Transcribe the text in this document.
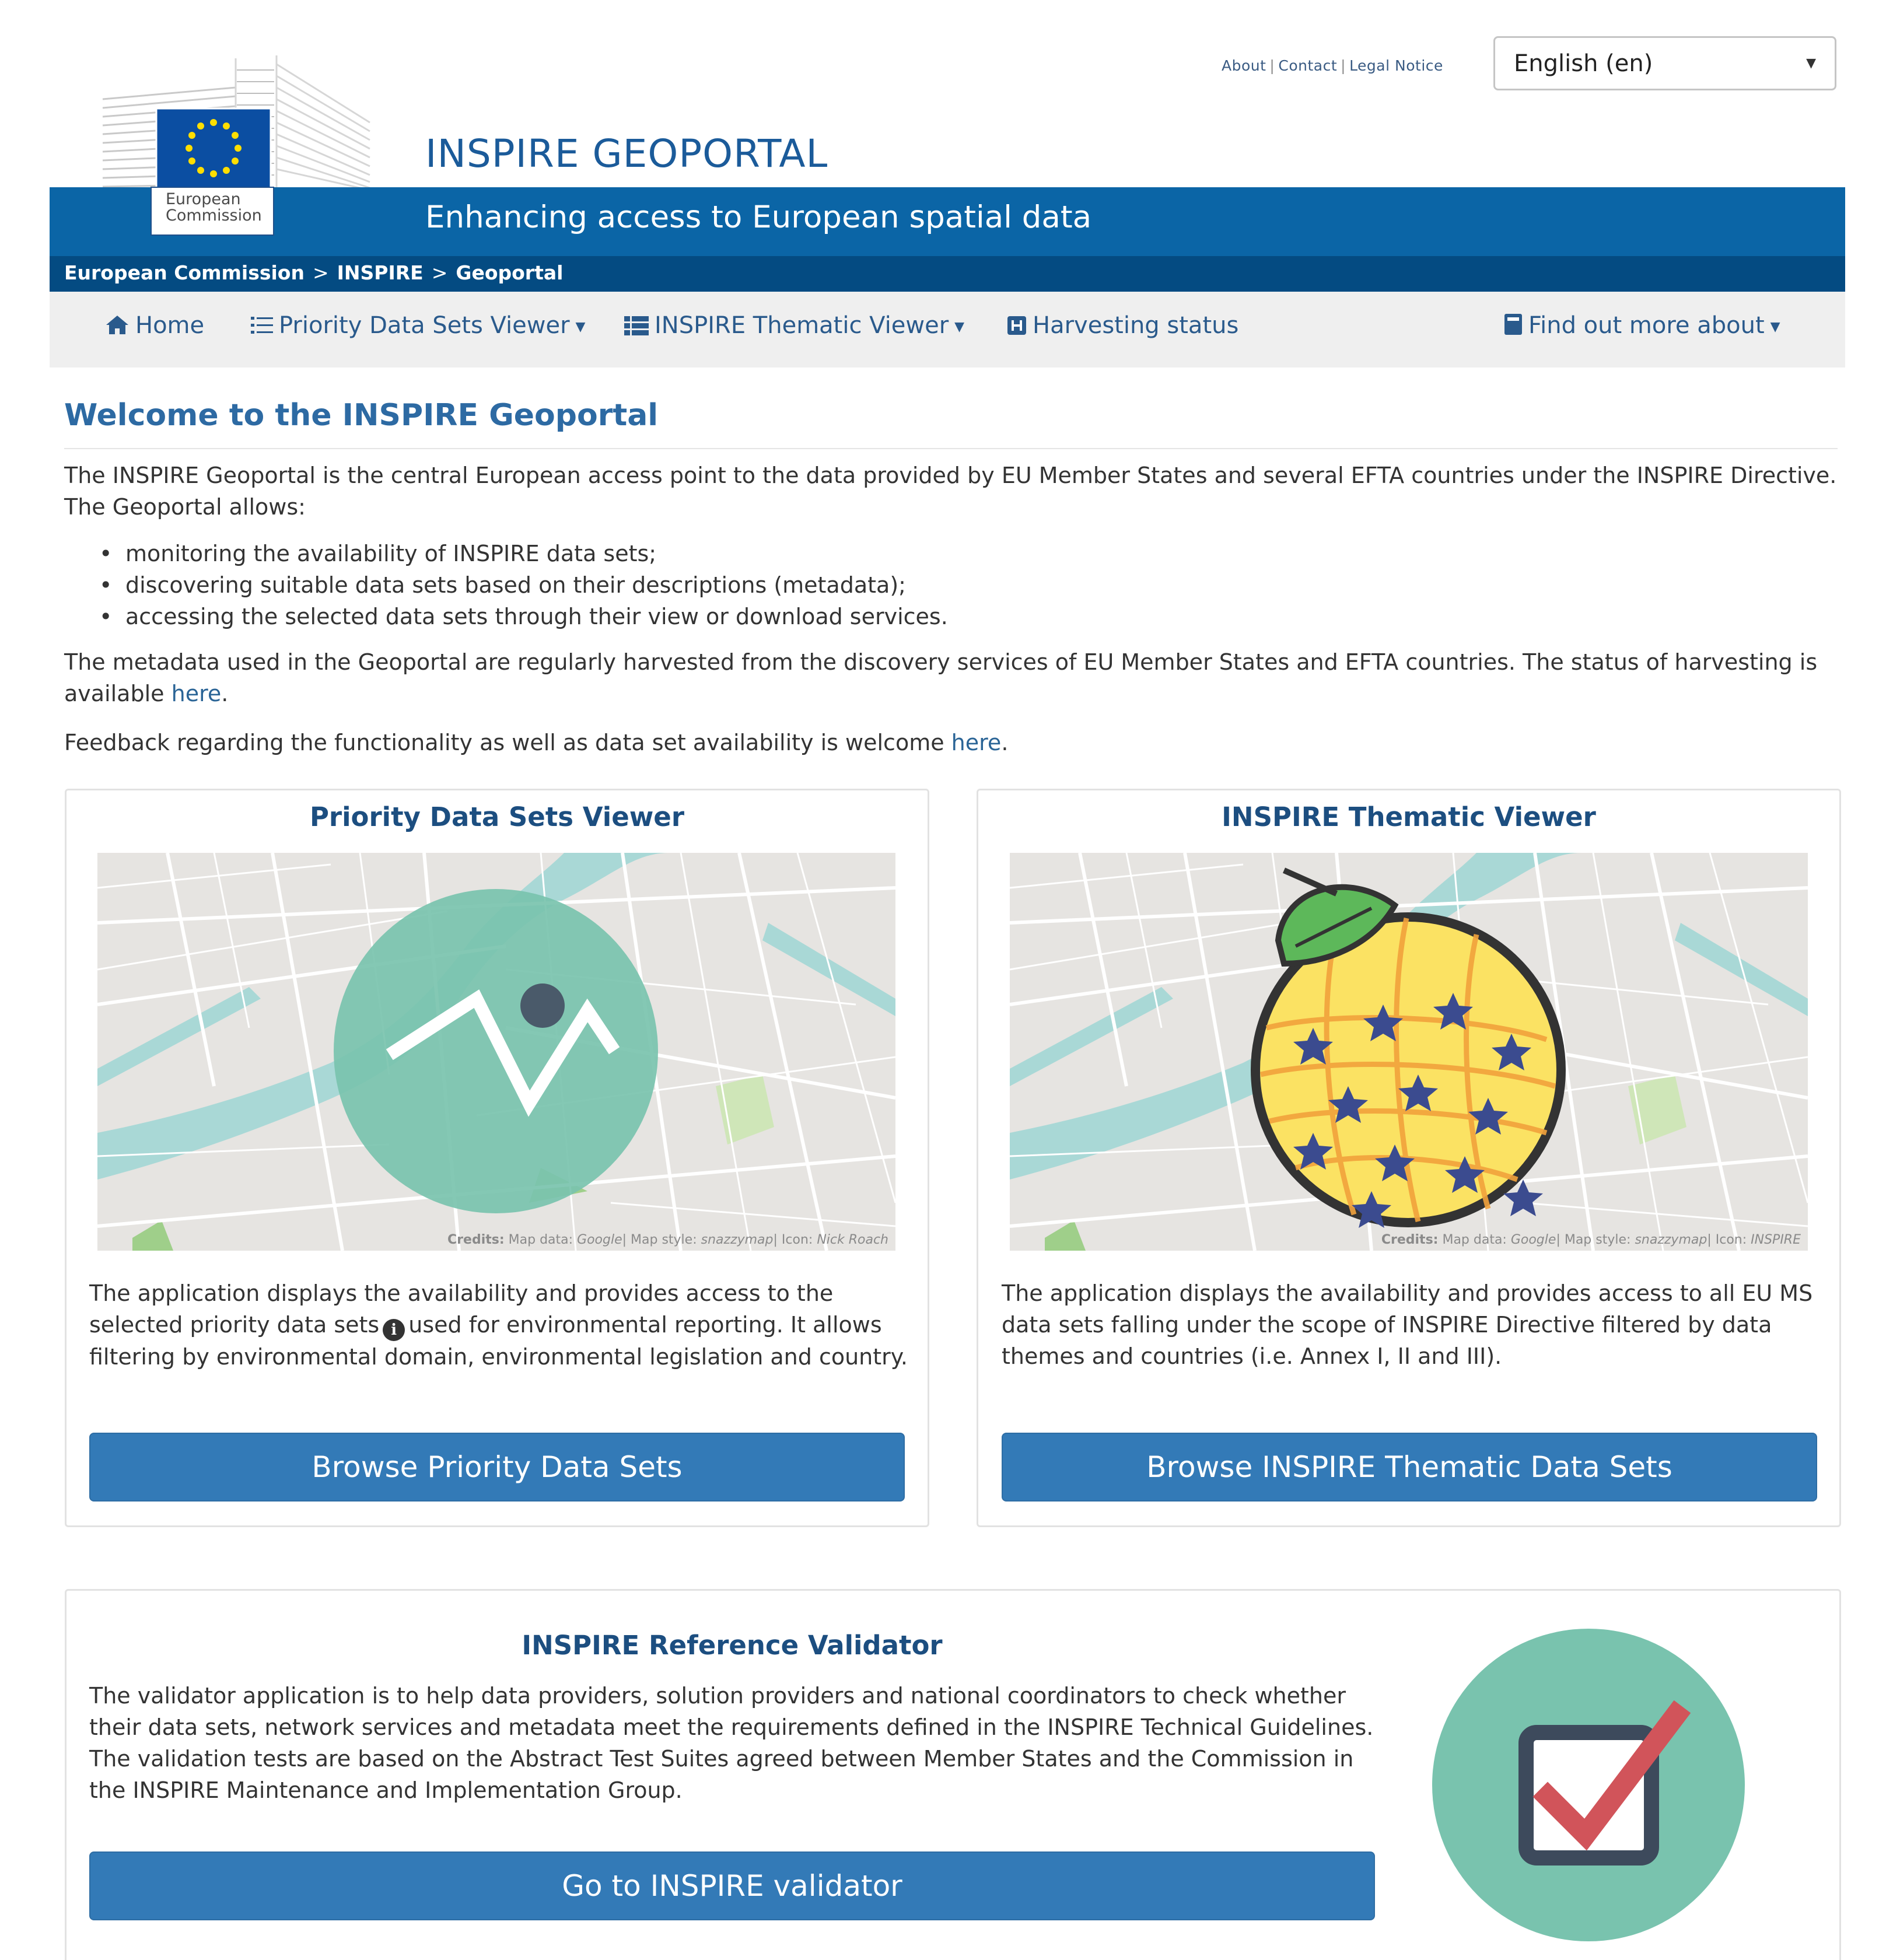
About | Contact | Legal Notice	English (en)	▼
European
Commission
INSPIRE GEOPORTAL
Enhancing access to European spatial data
European Commission > INSPIRE > Geoportal
Home	Priority Data Sets Viewer ▼	INSPIRE Thematic Viewer ▼	Harvesting status	Find out more about ▼
Welcome to the INSPIRE Geoportal
The INSPIRE Geoportal is the central European access point to the data provided by EU Member States and several EFTA countries under the INSPIRE Directive.
The Geoportal allows:
• monitoring the availability of INSPIRE data sets;
• discovering suitable data sets based on their descriptions (metadata);
• accessing the selected data sets through their view or download services.
The metadata used in the Geoportal are regularly harvested from the discovery services of EU Member States and EFTA countries. The status of harvesting is
available here.
Feedback regarding the functionality as well as data set availability is welcome here.
Priority Data Sets Viewer
Credits: Map data: Google| Map style: snazzymap| Icon: Nick Roach
The application displays the availability and provides access to the
selected priority data sets i used for environmental reporting. It allows
filtering by environmental domain, environmental legislation and country.
Browse Priority Data Sets
INSPIRE Thematic Viewer
Credits: Map data: Google| Map style: snazzymap| Icon: INSPIRE
The application displays the availability and provides access to all EU MS
data sets falling under the scope of INSPIRE Directive filtered by data
themes and countries (i.e. Annex I, II and III).
Browse INSPIRE Thematic Data Sets
INSPIRE Reference Validator
The validator application is to help data providers, solution providers and national coordinators to check whether
their data sets, network services and metadata meet the requirements defined in the INSPIRE Technical Guidelines.
The validation tests are based on the Abstract Test Suites agreed between Member States and the Commission in
the INSPIRE Maintenance and Implementation Group.
Go to INSPIRE validator
